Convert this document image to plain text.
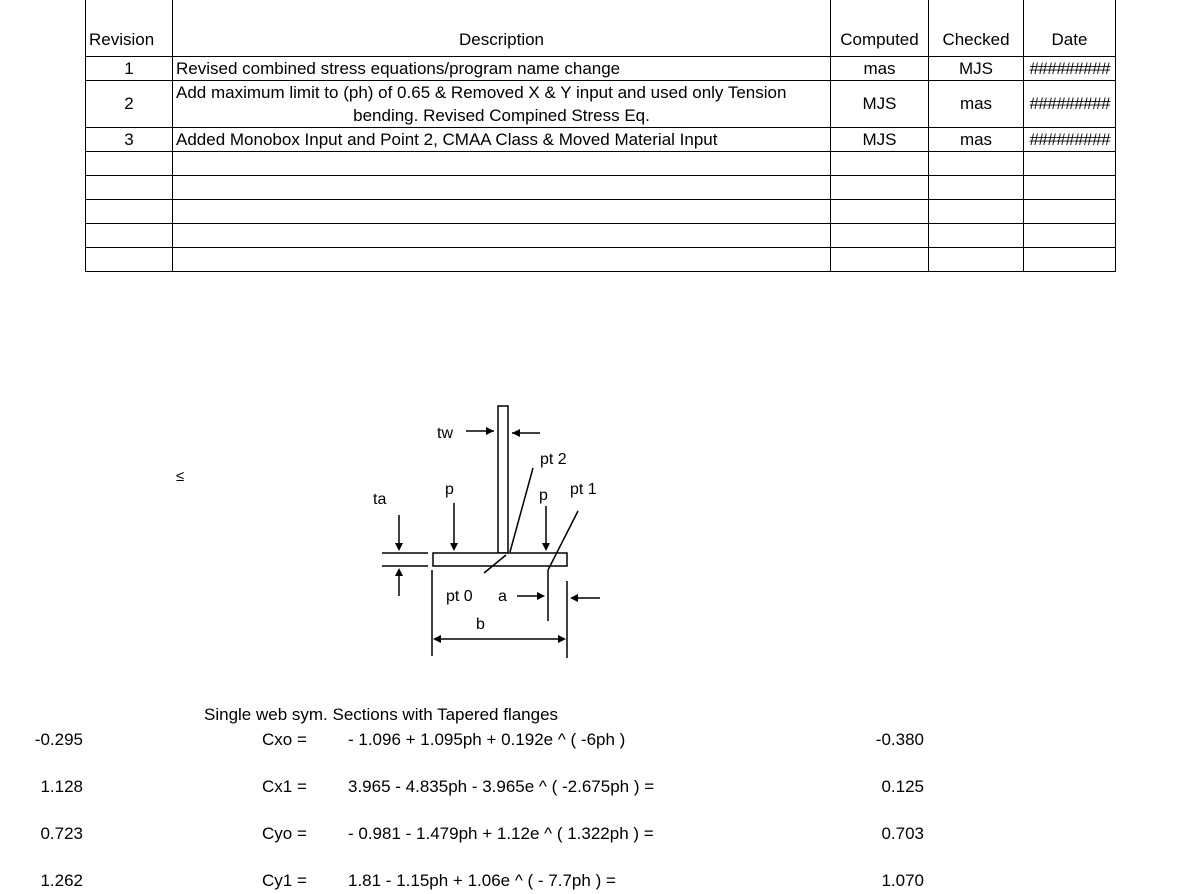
Revision	Description	Computed	Checked	Date
1	Revised combined stress equations/program name change	mas	MJS	#########
2	Add maximum limit to (ph) of 0.65 & Removed X & Y input and used only Tension
bending. Revised Compined Stress Eq.	MJS	mas	#########
3	Added Monobox Input and Point 2, CMAA Class & Moved Material Input	MJS	mas	#########

≤
tw
pt 2
p	p pt 1
ta
pt 0 a
b
Single web sym. Sections with Tapered flanges
-0.295	Cxo = - 1.096 + 1.095ph + 0.192e ^ ( -6ph )	-0.380
1.128	Cx1 = 3.965 - 4.835ph - 3.965e ^ ( -2.675ph ) =	0.125
0.723	Cyo = - 0.981 - 1.479ph + 1.12e ^ ( 1.322ph ) =	0.703
1.262	Cy1 = 1.81 - 1.15ph + 1.06e ^ ( - 7.7ph ) =	1.070
